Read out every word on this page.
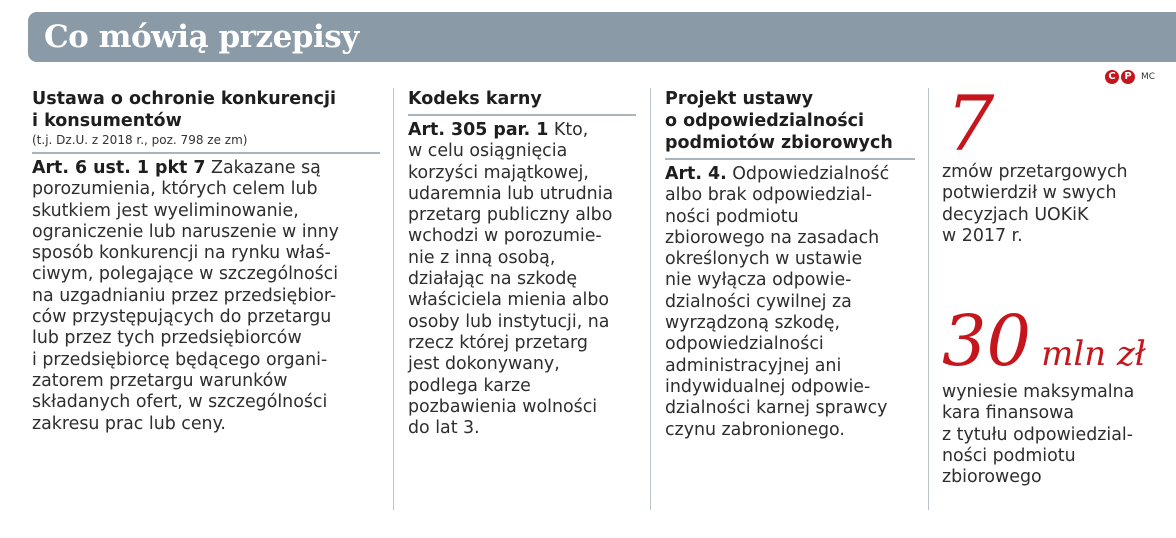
Co mówią przepisy
C P	MC
Ustawa o ochronie konkurencji
i konsumentów
(t.j. Dz.U. z 2018 r., poz. 798 ze zm)
Art. 6 ust. 1 pkt 7 Zakazane są
porozumienia, których celem lub
skutkiem jest wyeliminowanie,
ograniczenie lub naruszenie w inny
sposób konkurencji na rynku właś-
ciwym, polegające w szczególności
na uzgadnianiu przez przedsiębior-
ców przystępujących do przetargu
lub przez tych przedsiębiorców
i przedsiębiorcę będącego organi-
zatorem przetargu warunków
składanych ofert, w szczególności
zakresu prac lub ceny.
Kodeks karny
Art. 305 par. 1 Kto,
w celu osiągnięcia
korzyści majątkowej,
udaremnia lub utrudnia
przetarg publiczny albo
wchodzi w porozumie-
nie z inną osobą,
działając na szkodę
właściciela mienia albo
osoby lub instytucji, na
rzecz której przetarg
jest dokonywany,
podlega karze
pozbawienia wolności
do lat 3.
Projekt ustawy
o odpowiedzialności
podmiotów zbiorowych
Art. 4. Odpowiedzialność
albo brak odpowiedzial-
ności podmiotu
zbiorowego na zasadach
określonych w ustawie
nie wyłącza odpowie-
dzialności cywilnej za
wyrządzoną szkodę,
odpowiedzialności
administracyjnej ani
indywidualnej odpowie-
dzialności karnej sprawcy
czynu zabronionego.
7
zmów przetargowych
potwierdził w swych
decyzjach UOKiK
w 2017 r.
30 mln zł
wyniesie maksymalna
kara finansowa
z tytułu odpowiedzial-
ności podmiotu
zbiorowego
